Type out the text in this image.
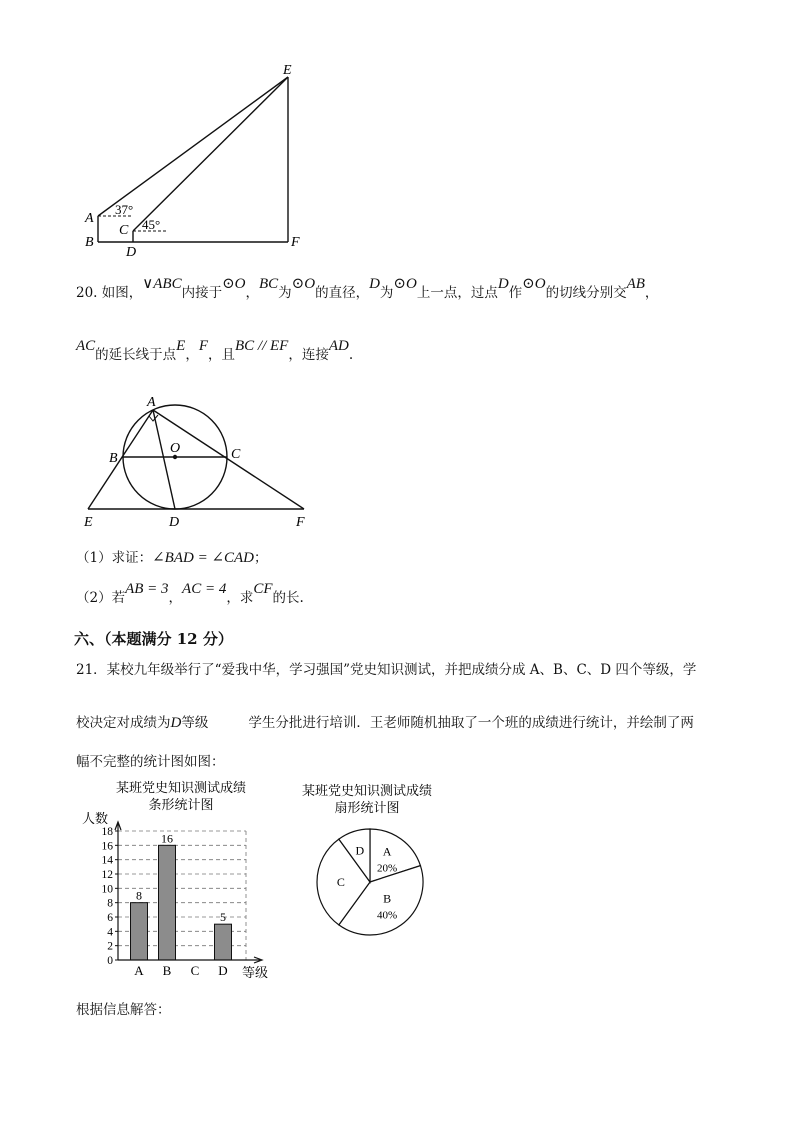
E
A
B
C
D
F
37°
45°
20. 如图，∨ABC内接于⊙O，BC为⊙O的直径，D为⊙O上一点，过点D作⊙O的切线分别交AB，
AC的延长线于点E，F，且BC // EF，连接AD.
A
O
B	C
E	D	F
（1）求证：∠BAD = ∠CAD；
（2）若AB = 3，AC = 4，求CF的长.
六、（本题满分 12 分）
21．某校九年级举行了“爱我中华，学习强国”党史知识测试，并把成绩分成 A、B、C、D 四个等级，学
校决定对成绩为D等级	学生分批进行培训．王老师随机抽取了一个班的成绩进行统计，并绘制了两
幅不完整的统计图如图：
某班党史知识测试成绩
条形统计图
人数
等级
0
2
4
6
8
10
12
14
16
18
A B C D
8
16
5
某班党史知识测试成绩
扇形统计图
A
20%
B
40%
C
D
根据信息解答：
